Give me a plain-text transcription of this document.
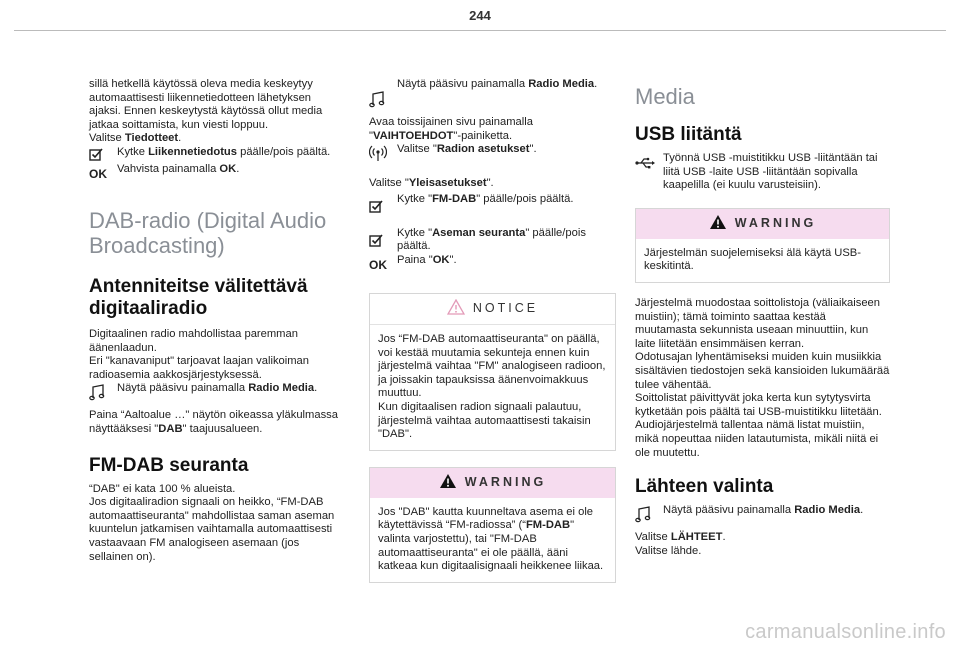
244

sillä hetkellä käytössä oleva media keskeytyy automaattisesti liikennetiedotteen lähetyksen ajaksi. Ennen keskeytystä käytössä ollut media jatkaa soittamista, kun viesti loppuu.

Valitse Tiedotteet.

Kytke Liikennetiedotus päälle/pois päältä.
OK Vahvista painamalla OK.
DAB-radio (Digital Audio Broadcasting)
Antenniteitse välitettävä digitaaliradio

Digitaalinen radio mahdollistaa paremman äänenlaadun.

Eri "kanavaniput" tarjoavat laajan valikoiman radioasemia aakkosjärjestyksessä.

Näytä pääsivu painamalla Radio Media.

Paina “Aaltoalue …" näytön oikeassa yläkulmassa näyttääksesi "DAB" taajuusalueen.

FM-DAB seuranta

“DAB" ei kata 100 % alueista.

Jos digitaaliradion signaali on heikko, “FM-DAB automaattiseuranta" mahdollistaa saman aseman kuuntelun jatkamisen vaihtamalla automaattisesti vastaavaan FM analogiseen asemaan (jos sellainen on).

Näytä pääsivu painamalla Radio Media.

Avaa toissijainen sivu painamalla "VAIHTOEHDOT"-painiketta.

Valitse "Radion asetukset".

Valitse "Yleisasetukset".

Kytke "FM-DAB" päälle/pois päältä.
Kytke "Aseman seuranta" päälle/pois päältä.
OK Paina "OK".
NOTICE

Jos “FM-DAB automaattiseuranta" on päällä, voi kestää muutamia sekunteja ennen kuin järjestelmä vaihtaa "FM" analogiseen radioon, ja joissakin tapauksissa äänenvoimakkuus muuttuu.

Kun digitaalisen radion signaali palautuu, järjestelmä vaihtaa automaattisesti takaisin "DAB".

WARNING

Jos "DAB" kautta kuunneltava asema ei ole käytettävissä “FM-radiossa” (“FM-DAB" valinta varjostettu), tai "FM-DAB automaattiseuranta" ei ole päällä, ääni katkeaa kun digitaalisignaali heikkenee liikaa.

Media
USB liitäntä
Työnnä USB -muistitikku USB -liitäntään tai liitä USB -laite USB -liitäntään sopivalla kaapelilla (ei kuulu varusteisiin).
WARNING

Järjestelmän suojelemiseksi älä käytä USB-keskitintä.

Järjestelmä muodostaa soittolistoja (väliaikaiseen muistiin); tämä toiminto saattaa kestää muutamasta sekunnista useaan minuuttiin, kun laite liitetään ensimmäisen kerran.

Odotusajan lyhentämiseksi muiden kuin musiikkia sisältävien tiedostojen sekä kansioiden lukumäärää tulee vähentää.

Soittolistat päivittyvät joka kerta kun sytytysvirta kytketään pois päältä tai USB-muistitikku liitetään. Audiojärjestelmä tallentaa nämä listat muistiin, mikä nopeuttaa niiden latautumista, mikäli niitä ei ole muutettu.

Lähteen valinta
Näytä pääsivu painamalla Radio Media.

Valitse LÄHTEET.

Valitse lähde.

carmanualsonline.info
